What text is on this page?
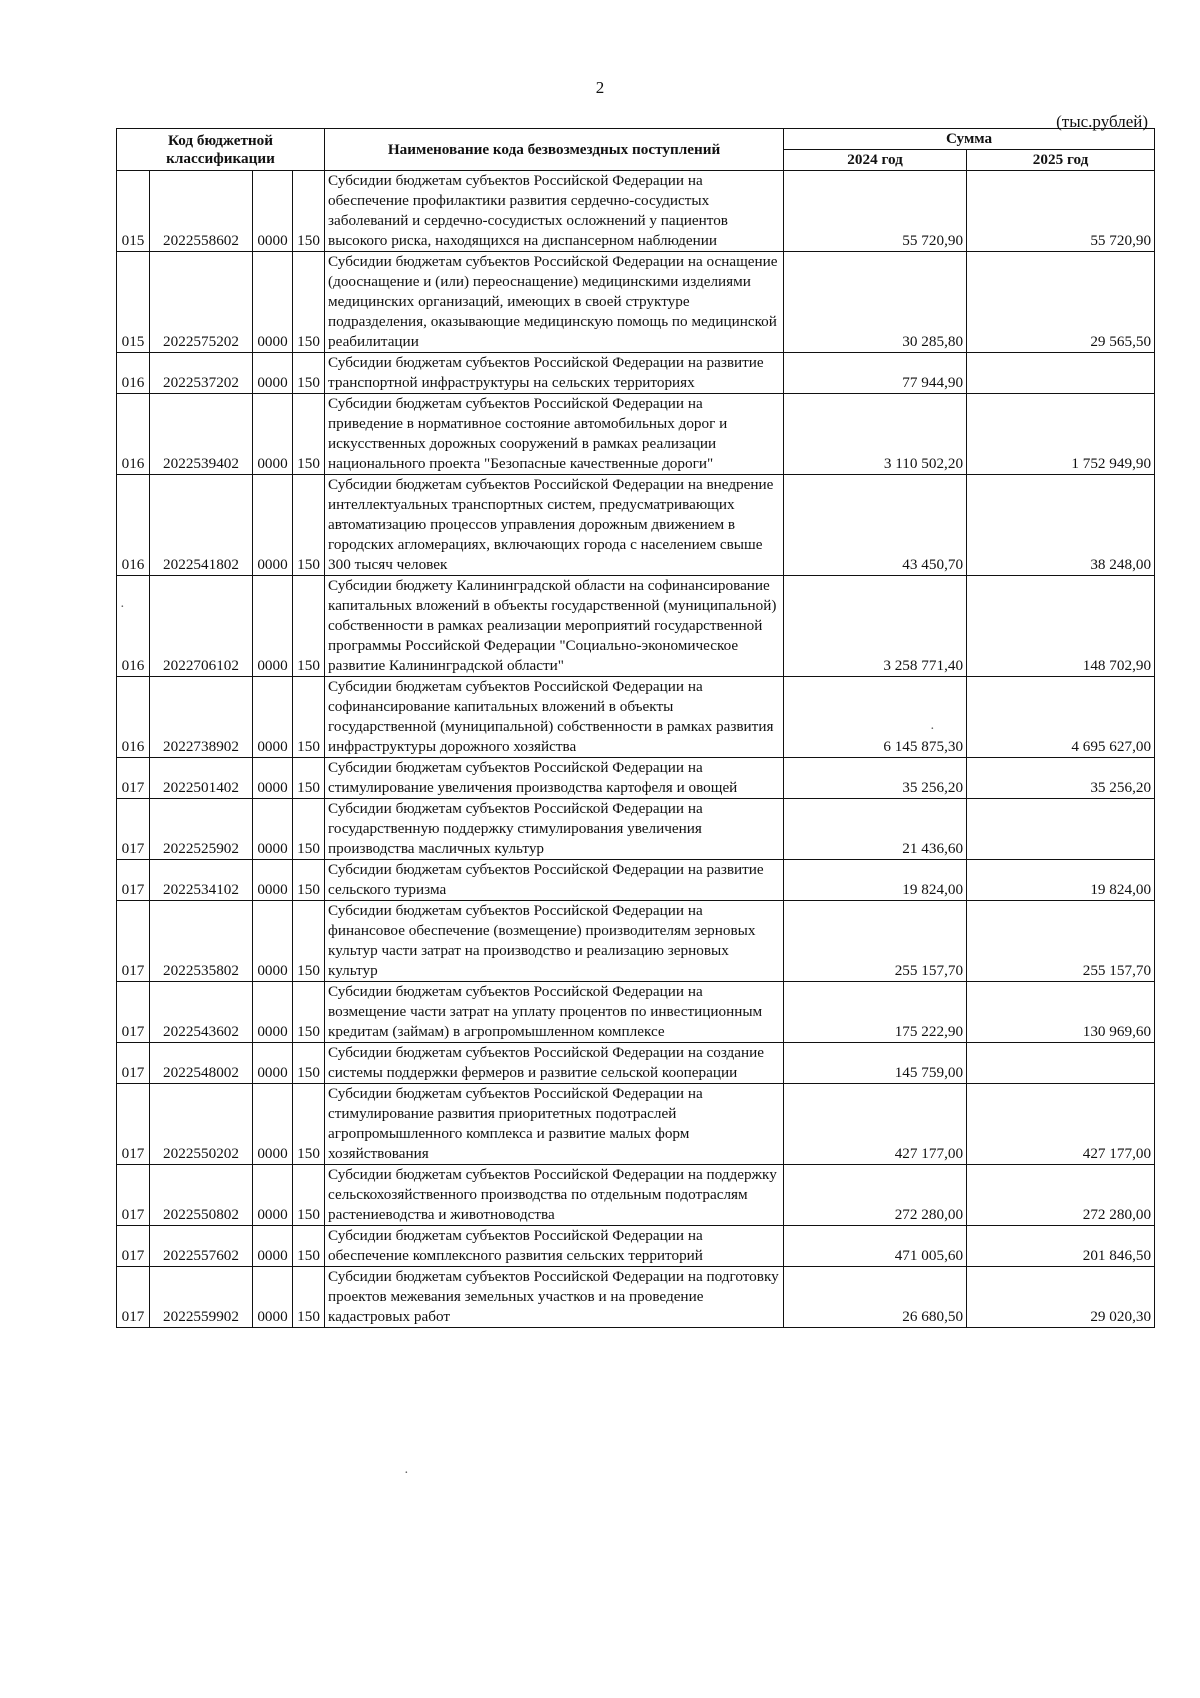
2
(тыс.рублей)
Код бюджетной классификации				Наименование кода безвозмездных поступлений	Сумма	
					2024 год	2025 год
015	2022558602	0000	150	Субсидии бюджетам субъектов Российской Федерации на обеспечение профилактики развития сердечно-сосудистых заболеваний и сердечно-сосудистых осложнений у пациентов высокого риска, находящихся на диспансерном наблюдении	55 720,90	55 720,90
015	2022575202	0000	150	Субсидии бюджетам субъектов Российской Федерации на оснащение (дооснащение и (или) переоснащение) медицинскими изделиями медицинских организаций, имеющих в своей структуре подразделения, оказывающие медицинскую помощь по медицинской реабилитации	30 285,80	29 565,50
016	2022537202	0000	150	Субсидии бюджетам субъектов Российской Федерации на развитие транспортной инфраструктуры на сельских территориях	77 944,90	
016	2022539402	0000	150	Субсидии бюджетам субъектов Российской Федерации на приведение в нормативное состояние автомобильных дорог и искусственных дорожных сооружений в рамках реализации национального проекта "Безопасные качественные дороги"	3 110 502,20	1 752 949,90
016	2022541802	0000	150	Субсидии бюджетам субъектов Российской Федерации на внедрение интеллектуальных транспортных систем, предусматривающих автоматизацию процессов управления дорожным движением в городских агломерациях, включающих города с населением свыше 300 тысяч человек	43 450,70	38 248,00
016	2022706102	0000	150	Субсидии бюджету Калининградской области на софинансирование капитальных вложений в объекты государственной (муниципальной) собственности в рамках реализации мероприятий государственной программы Российской Федерации "Социально-экономическое развитие Калининградской области"	3 258 771,40	148 702,90
016	2022738902	0000	150	Субсидии бюджетам субъектов Российской Федерации на софинансирование капитальных вложений в объекты государственной (муниципальной) собственности в рамках развития инфраструктуры дорожного хозяйства	6 145 875,30	4 695 627,00
017	2022501402	0000	150	Субсидии бюджетам субъектов Российской Федерации на стимулирование увеличения производства картофеля и овощей	35 256,20	35 256,20
017	2022525902	0000	150	Субсидии бюджетам субъектов Российской Федерации на государственную поддержку стимулирования увеличения производства масличных культур	21 436,60	
017	2022534102	0000	150	Субсидии бюджетам субъектов Российской Федерации на развитие сельского туризма	19 824,00	19 824,00
017	2022535802	0000	150	Субсидии бюджетам субъектов Российской Федерации на финансовое обеспечение (возмещение) производителям зерновых культур части затрат на производство и реализацию зерновых культур	255 157,70	255 157,70
017	2022543602	0000	150	Субсидии бюджетам субъектов Российской Федерации на возмещение части затрат на уплату процентов по инвестиционным кредитам (займам) в агропромышленном комплексе	175 222,90	130 969,60
017	2022548002	0000	150	Субсидии бюджетам субъектов Российской Федерации на создание системы поддержки фермеров и развитие сельской кооперации	145 759,00	
017	2022550202	0000	150	Субсидии бюджетам субъектов Российской Федерации на стимулирование развития приоритетных подотраслей агропромышленного комплекса и развитие малых форм хозяйствования	427 177,00	427 177,00
017	2022550802	0000	150	Субсидии бюджетам субъектов Российской Федерации на поддержку сельскохозяйственного производства по отдельным подотраслям растениеводства и животноводства	272 280,00	272 280,00
017	2022557602	0000	150	Субсидии бюджетам субъектов Российской Федерации на обеспечение комплексного развития сельских территорий	471 005,60	201 846,50
017	2022559902	0000	150	Субсидии бюджетам субъектов Российской Федерации на подготовку проектов межевания земельных участков и на проведение кадастровых работ	26 680,50	29 020,30
·
·
·
